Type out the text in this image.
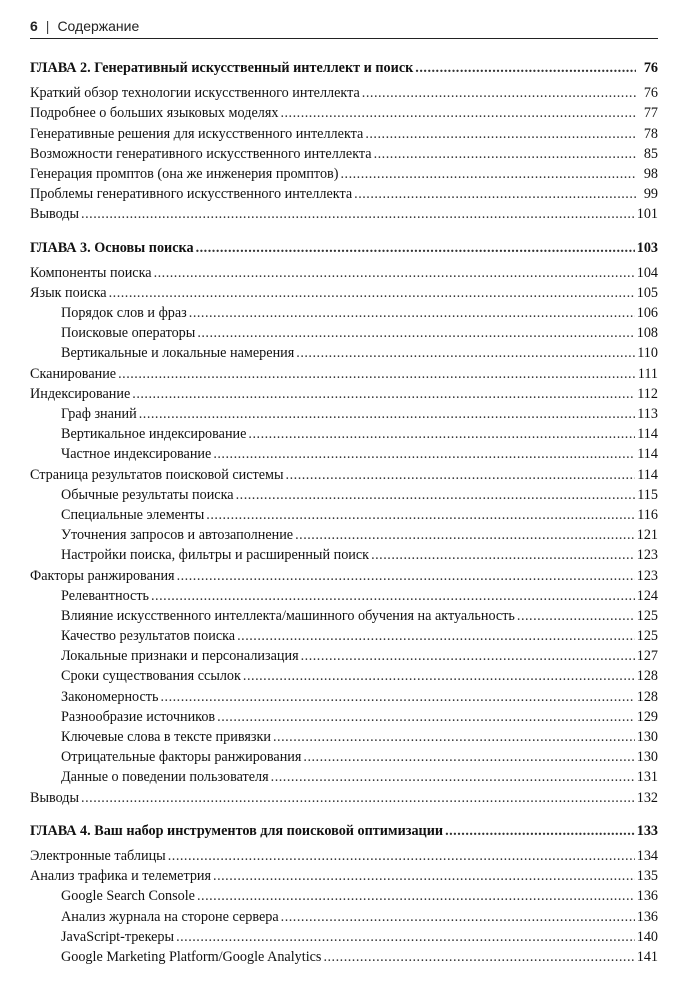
6 | Содержание
ГЛАВА 2. Генеративный искусственный интеллект и поиск .....	76
Краткий обзор технологии искусственного интеллекта .....	76
Подробнее о больших языковых моделях .....	77
Генеративные решения для искусственного интеллекта .....	78
Возможности генеративного искусственного интеллекта .....	85
Генерация промптов (она же инженерия промптов) .....	98
Проблемы генеративного искусственного интеллекта .....	99
Выводы .....	101
ГЛАВА 3. Основы поиска .....	103
Компоненты поиска .....	104
Язык поиска .....	105
Порядок слов и фраз .....	106
Поисковые операторы .....	108
Вертикальные и локальные намерения .....	110
Сканирование .....	111
Индексирование .....	112
Граф знаний .....	113
Вертикальное индексирование .....	114
Частное индексирование .....	114
Страница результатов поисковой системы .....	114
Обычные результаты поиска .....	115
Специальные элементы .....	116
Уточнения запросов и автозаполнение .....	121
Настройки поиска, фильтры и расширенный поиск .....	123
Факторы ранжирования .....	123
Релевантность .....	124
Влияние искусственного интеллекта/машинного обучения на актуальность .....	125
Качество результатов поиска .....	125
Локальные признаки и персонализация .....	127
Сроки существования ссылок .....	128
Закономерность .....	128
Разнообразие источников .....	129
Ключевые слова в тексте привязки .....	130
Отрицательные факторы ранжирования .....	130
Данные о поведении пользователя .....	131
Выводы .....	132
ГЛАВА 4. Ваш набор инструментов для поисковой оптимизации .....	133
Электронные таблицы .....	134
Анализ трафика и телеметрия .....	135
Google Search Console .....	136
Анализ журнала на стороне сервера .....	136
JavaScript-трекеры .....	140
Google Marketing Platform/Google Analytics .....	141
